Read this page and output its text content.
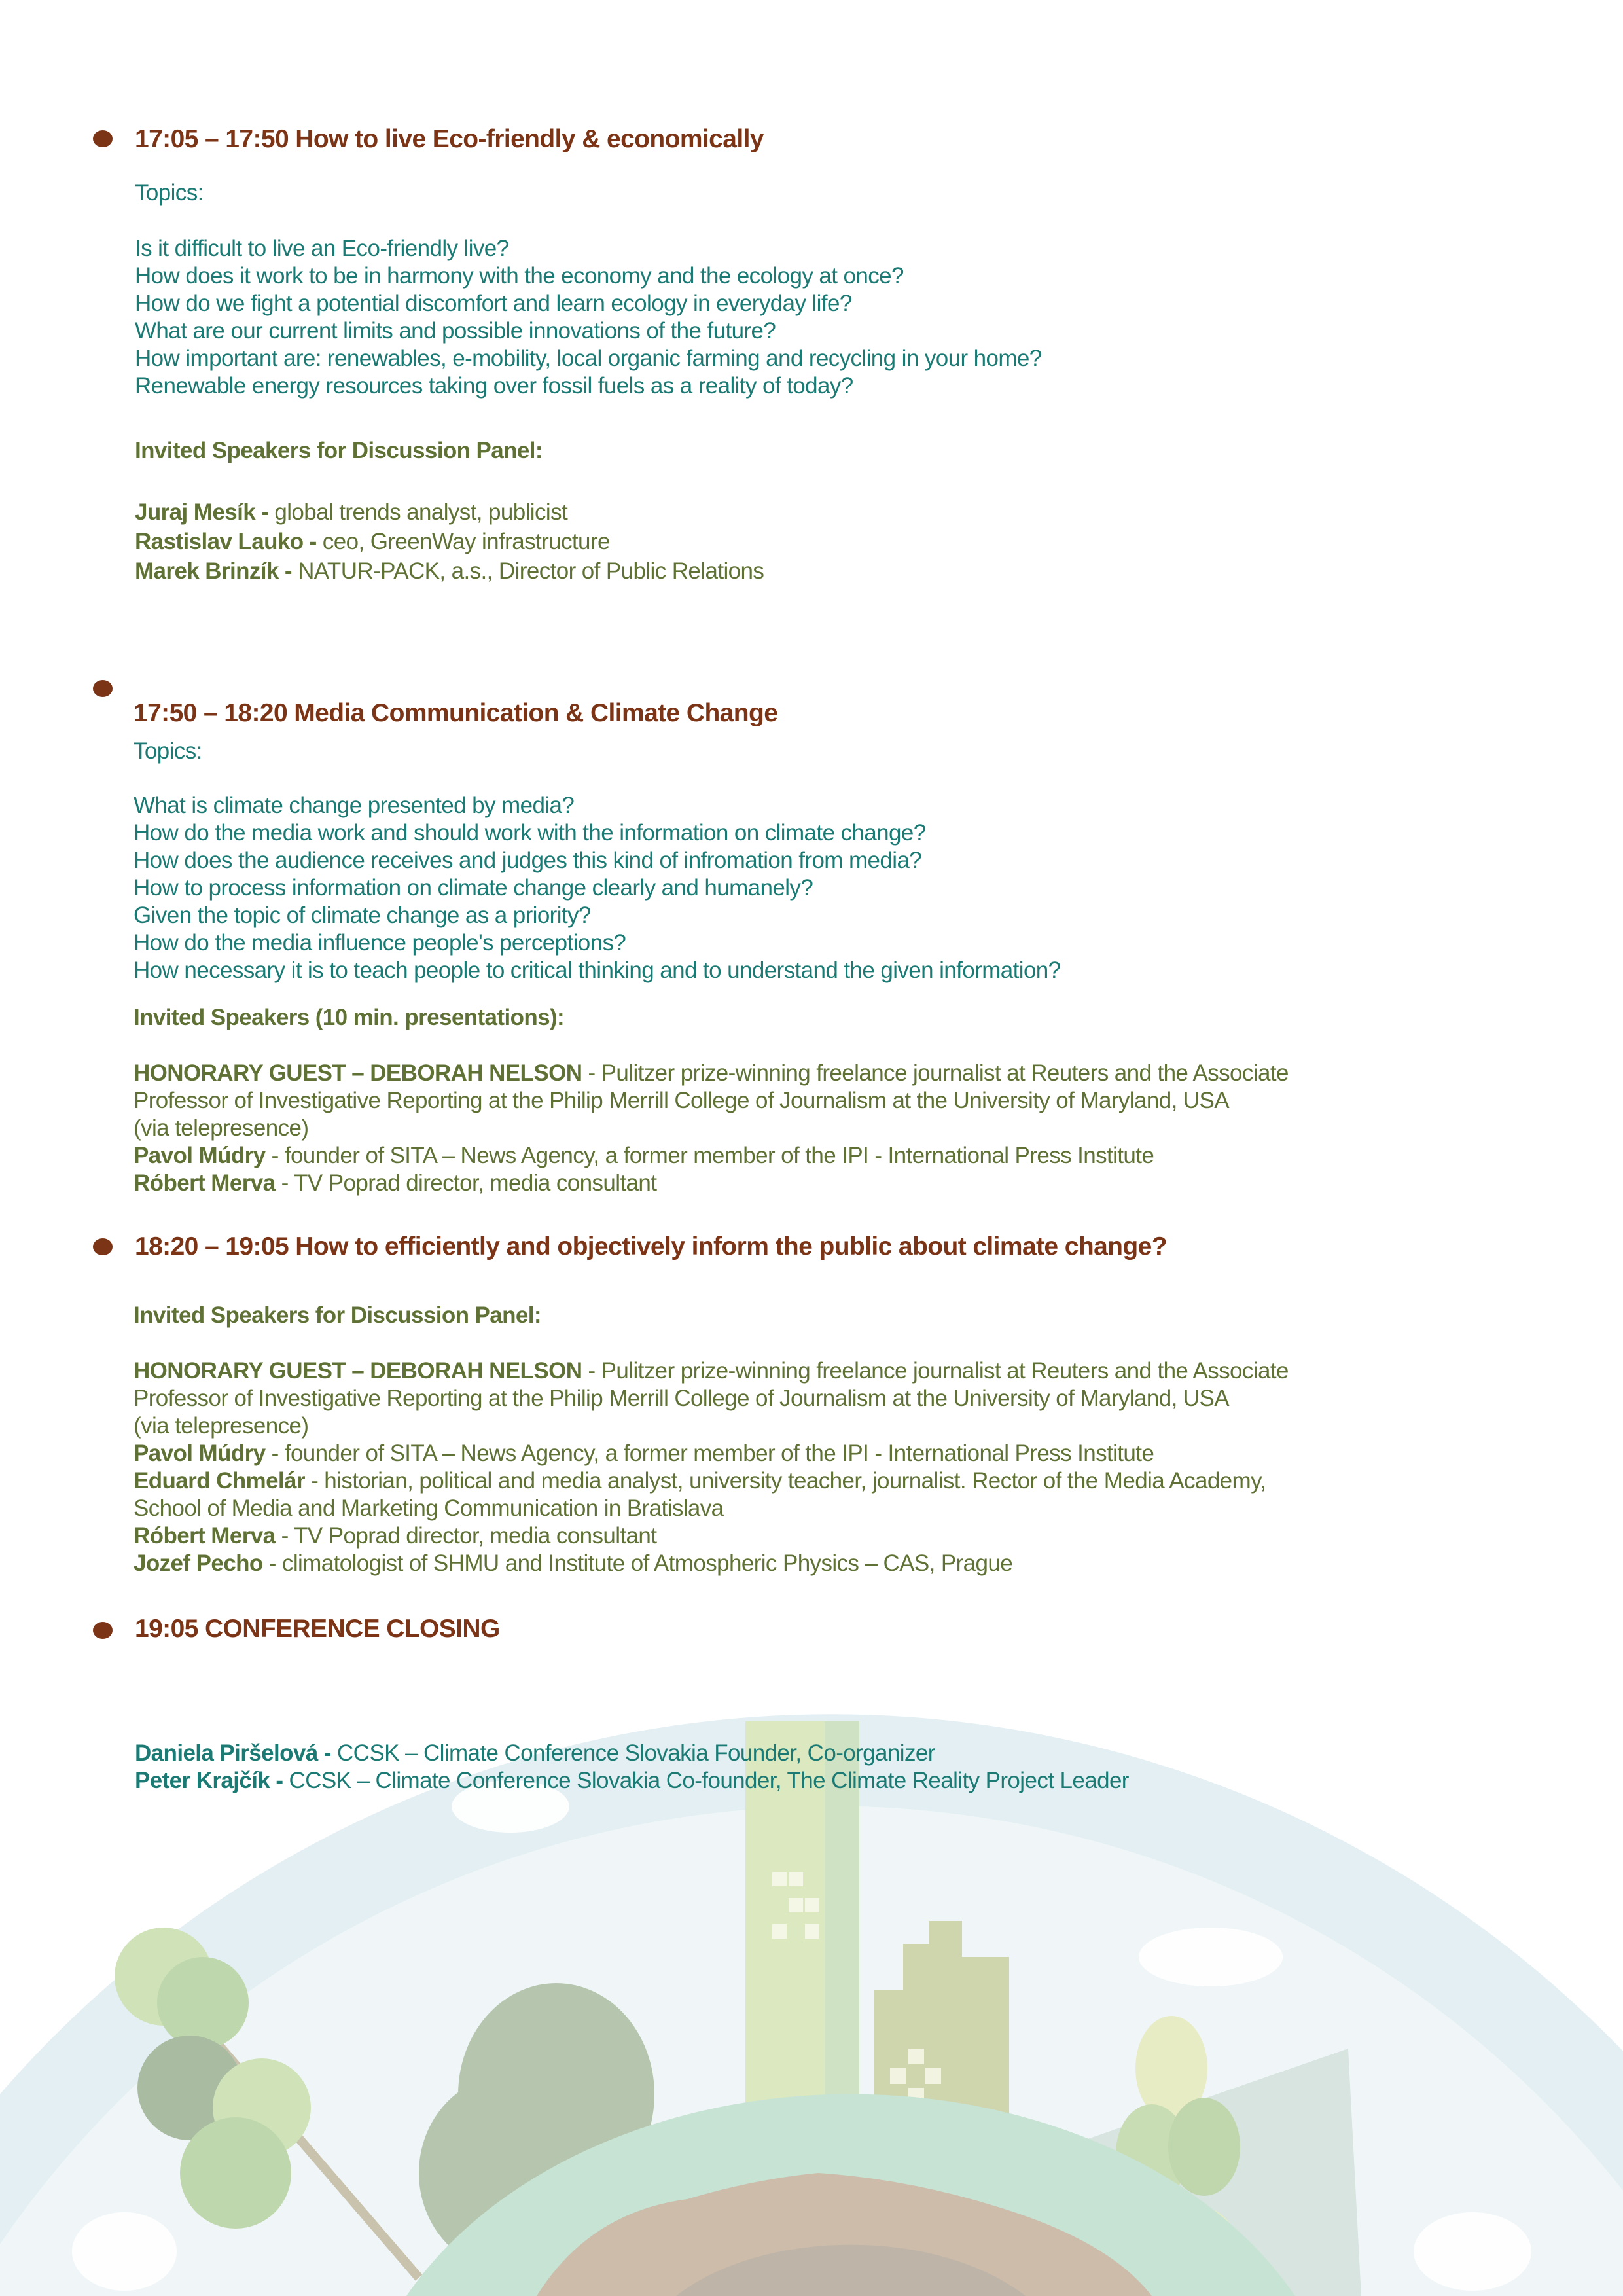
17:05 – 17:50 How to live Eco-friendly & economically
Topics:
Is it difficult to live an Eco-friendly live?
How does it work to be in harmony with the economy and the ecology at once?
How do we fight a potential discomfort and learn ecology in everyday life?
What are our current limits and possible innovations of the future?
How important are: renewables, e-mobility, local organic farming and recycling in your home?
Renewable energy resources taking over fossil fuels as a reality of today?
Invited Speakers for Discussion Panel:
Juraj Mesík - global trends analyst, publicist
Rastislav Lauko - ceo, GreenWay infrastructure
Marek Brinzík - NATUR-PACK, a.s., Director of Public Relations
17:50 – 18:20 Media Communication & Climate Change
Topics:
What is climate change presented by media?
How do the media work and should work with the information on climate change?
How does the audience receives and judges this kind of infromation from media?
How to process information on climate change clearly and humanely?
Given the topic of climate change as a priority?
How do the media influence people's perceptions?
How necessary it is to teach people to critical thinking and to understand the given information?
Invited Speakers (10 min. presentations):
HONORARY GUEST – DEBORAH NELSON - Pulitzer prize-winning freelance journalist at Reuters and the Associate
Professor of Investigative Reporting at the Philip Merrill College of Journalism at the University of Maryland, USA
(via telepresence)
Pavol Múdry - founder of SITA – News Agency, a former member of the IPI - International Press Institute
Róbert Merva - TV Poprad director, media consultant
18:20 – 19:05 How to efficiently and objectively inform the public about climate change?
Invited Speakers for Discussion Panel:
HONORARY GUEST – DEBORAH NELSON - Pulitzer prize-winning freelance journalist at Reuters and the Associate
Professor of Investigative Reporting at the Philip Merrill College of Journalism at the University of Maryland, USA
(via telepresence)
Pavol Múdry - founder of SITA – News Agency, a former member of the IPI - International Press Institute
Eduard Chmelár - historian, political and media analyst, university teacher, journalist. Rector of the Media Academy,
School of Media and Marketing Communication in Bratislava
Róbert Merva - TV Poprad director, media consultant
Jozef Pecho - climatologist of SHMU and Institute of Atmospheric Physics – CAS, Prague
19:05 CONFERENCE CLOSING
Daniela Piršelová - CCSK – Climate Conference Slovakia Founder, Co-organizer
Peter Krajčík - CCSK – Climate Conference Slovakia Co-founder, The Climate Reality Project Leader
